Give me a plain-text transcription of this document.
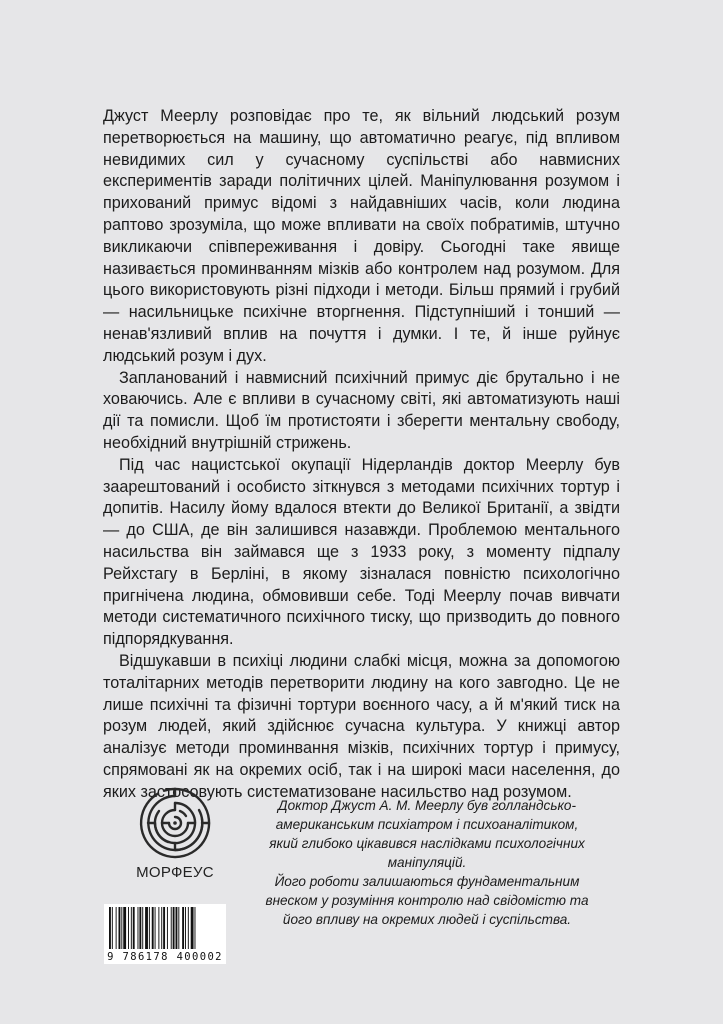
Джуст Меерлу розповідає про те, як вільний людський розум перетворюється на машину, що автоматично реагує, під впливом невидимих сил у сучасному суспільстві або навмисних експериментів заради політичних цілей. Маніпулювання розумом і прихований примус відомі з найдавніших часів, коли людина раптово зрозуміла, що може впливати на своїх побратимів, штучно викликаючи співпереживання і довіру. Сьогодні таке явище називається проминванням мізків або контролем над розумом. Для цього використовують різні підходи і методи. Більш прямий і грубий — насильницьке психічне вторгнення. Підступніший і тонший — ненав'язливий вплив на почуття і думки. І те, й інше руйнує людський розум і дух.

Запланований і навмисний психічний примус діє брутально і не ховаючись. Але є впливи в сучасному світі, які автоматизують наші дії та помисли. Щоб їм протистояти і зберегти ментальну свободу, необхідний внутрішній стрижень.

Під час нацистської окупації Нідерландів доктор Меерлу був заарештований і особисто зіткнувся з методами психічних тортур і допитів. Насилу йому вдалося втекти до Великої Британії, а звідти — до США, де він залишився назавжди. Проблемою ментального насильства він займався ще з 1933 року, з моменту підпалу Рейхстагу в Берліні, в якому зізналася повністю психологічно пригнічена людина, обмовивши себе. Тоді Меерлу почав вивчати методи систематичного психічного тиску, що призводить до повного підпорядкування.

Відшукавши в психіці людини слабкі місця, можна за допомогою тоталітарних методів перетворити людину на кого завгодно. Це не лише психічні та фізичні тортури воєнного часу, а й м'який тиск на розум людей, який здійснює сучасна культура. У книжці автор аналізує методи проминвання мізків, психічних тортур і примусу, спрямовані як на окремих осіб, так і на широкі маси населення, до яких застосовують систематизоване насильство над розумом.

МОРФЕУС
9 786178 400002

Доктор Джуст А. М. Меерлу був голландсько-американським психіатром і психоаналітиком, який глибоко цікавився наслідками психологічних маніпуляцій.

Його роботи залишаються фундаментальним внеском у розуміння контролю над свідомістю та його впливу на окремих людей і суспільства.
